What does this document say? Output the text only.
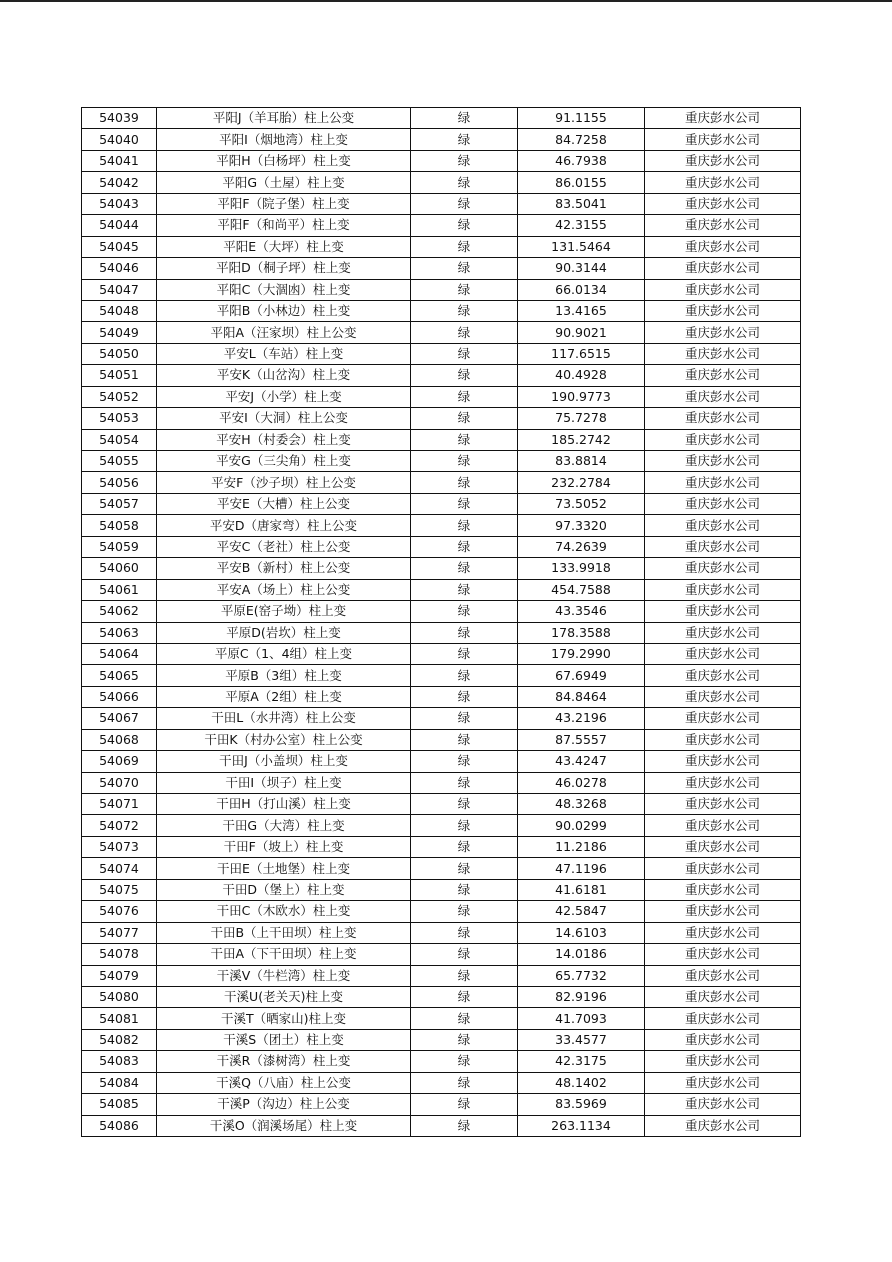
54039	平阳J（羊耳胎）柱上公变	绿	91.1155	重庆彭水公司
54040	平阳I（烟地湾）柱上变	绿	84.7258	重庆彭水公司
54041	平阳H（白杨坪）柱上变	绿	46.7938	重庆彭水公司
54042	平阳G（土屋）柱上变	绿	86.0155	重庆彭水公司
54043	平阳F（院子堡）柱上变	绿	83.5041	重庆彭水公司
54044	平阳F（和尚平）柱上变	绿	42.3155	重庆彭水公司
54045	平阳E（大坪）柱上变	绿	131.5464	重庆彭水公司
54046	平阳D（桐子坪）柱上变	绿	90.3144	重庆彭水公司
54047	平阳C（大涸凼）柱上变	绿	66.0134	重庆彭水公司
54048	平阳B（小林边）柱上变	绿	13.4165	重庆彭水公司
54049	平阳A（汪家坝）柱上公变	绿	90.9021	重庆彭水公司
54050	平安L（车站）柱上变	绿	117.6515	重庆彭水公司
54051	平安K（山岔沟）柱上变	绿	40.4928	重庆彭水公司
54052	平安J（小学）柱上变	绿	190.9773	重庆彭水公司
54053	平安I（大洞）柱上公变	绿	75.7278	重庆彭水公司
54054	平安H（村委会）柱上变	绿	185.2742	重庆彭水公司
54055	平安G（三尖角）柱上变	绿	83.8814	重庆彭水公司
54056	平安F（沙子坝）柱上公变	绿	232.2784	重庆彭水公司
54057	平安E（大槽）柱上公变	绿	73.5052	重庆彭水公司
54058	平安D（唐家弯）柱上公变	绿	97.3320	重庆彭水公司
54059	平安C（老社）柱上公变	绿	74.2639	重庆彭水公司
54060	平安B（新村）柱上公变	绿	133.9918	重庆彭水公司
54061	平安A（场上）柱上公变	绿	454.7588	重庆彭水公司
54062	平原E(窑子坳）柱上变	绿	43.3546	重庆彭水公司
54063	平原D(岩坎）柱上变	绿	178.3588	重庆彭水公司
54064	平原C（1、4组）柱上变	绿	179.2990	重庆彭水公司
54065	平原B（3组）柱上变	绿	67.6949	重庆彭水公司
54066	平原A（2组）柱上变	绿	84.8464	重庆彭水公司
54067	干田L（水井湾）柱上公变	绿	43.2196	重庆彭水公司
54068	干田K（村办公室）柱上公变	绿	87.5557	重庆彭水公司
54069	干田J（小盖坝）柱上变	绿	43.4247	重庆彭水公司
54070	干田I（坝子）柱上变	绿	46.0278	重庆彭水公司
54071	干田H（打山溪）柱上变	绿	48.3268	重庆彭水公司
54072	干田G（大湾）柱上变	绿	90.0299	重庆彭水公司
54073	干田F（坡上）柱上变	绿	11.2186	重庆彭水公司
54074	干田E（土地堡）柱上变	绿	47.1196	重庆彭水公司
54075	干田D（堡上）柱上变	绿	41.6181	重庆彭水公司
54076	干田C（木欧水）柱上变	绿	42.5847	重庆彭水公司
54077	干田B（上干田坝）柱上变	绿	14.6103	重庆彭水公司
54078	干田A（下干田坝）柱上变	绿	14.0186	重庆彭水公司
54079	干溪V（牛栏湾）柱上变	绿	65.7732	重庆彭水公司
54080	干溪U(老关天)柱上变	绿	82.9196	重庆彭水公司
54081	干溪T（晒家山)柱上变	绿	41.7093	重庆彭水公司
54082	干溪S（团土）柱上变	绿	33.4577	重庆彭水公司
54083	干溪R（漆树湾）柱上变	绿	42.3175	重庆彭水公司
54084	干溪Q（八庙）柱上公变	绿	48.1402	重庆彭水公司
54085	干溪P（沟边）柱上公变	绿	83.5969	重庆彭水公司
54086	干溪O（润溪场尾）柱上变	绿	263.1134	重庆彭水公司
